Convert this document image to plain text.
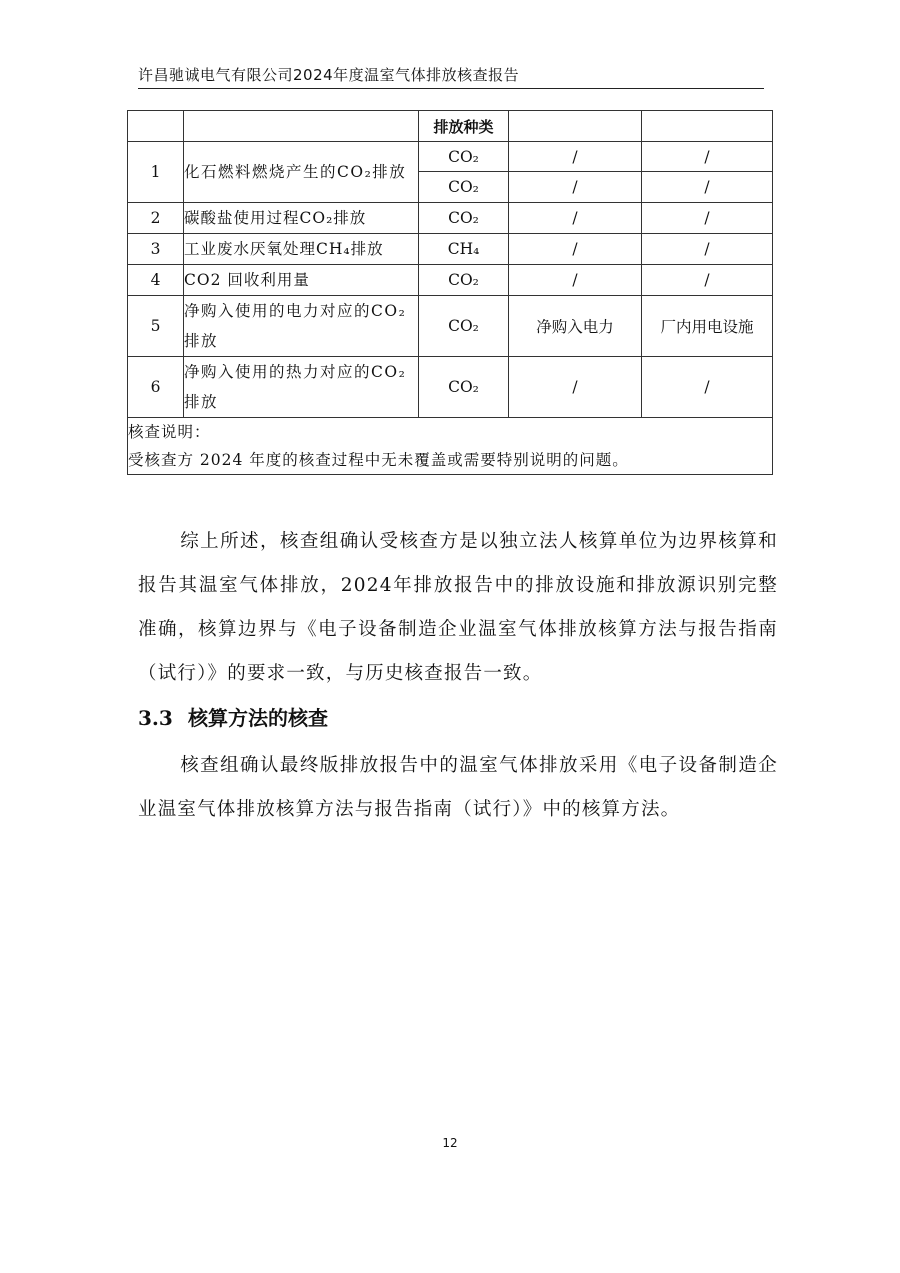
许昌驰诚电气有限公司2024年度温室气体排放核查报告
		排放种类		
1	化石燃料燃烧产生的CO₂排放	CO₂	/	/
		CO₂	/	/
2	碳酸盐使用过程CO₂排放	CO₂	/	/
3	工业废水厌氧处理CH₄排放	CH₄	/	/
4	CO2 回收利用量	CO₂	/	/
5	净购入使用的电力对应的CO₂排放	CO₂	净购入电力	厂内用电设施
6	净购入使用的热力对应的CO₂排放	CO₂	/	/

核查说明：
受核查方 2024 年度的核查过程中无未覆盖或需要特别说明的问题。				
综上所述，核查组确认受核查方是以独立法人核算单位为边界核算和报告其温室气体排放，2024年排放报告中的排放设施和排放源识别完整准确，核算边界与《电子设备制造企业温室气体排放核算方法与报告指南（试行）》的要求一致，与历史核查报告一致。
3.3 核算方法的核查
核查组确认最终版排放报告中的温室气体排放采用《电子设备制造企业温室气体排放核算方法与报告指南（试行）》中的核算方法。
12
